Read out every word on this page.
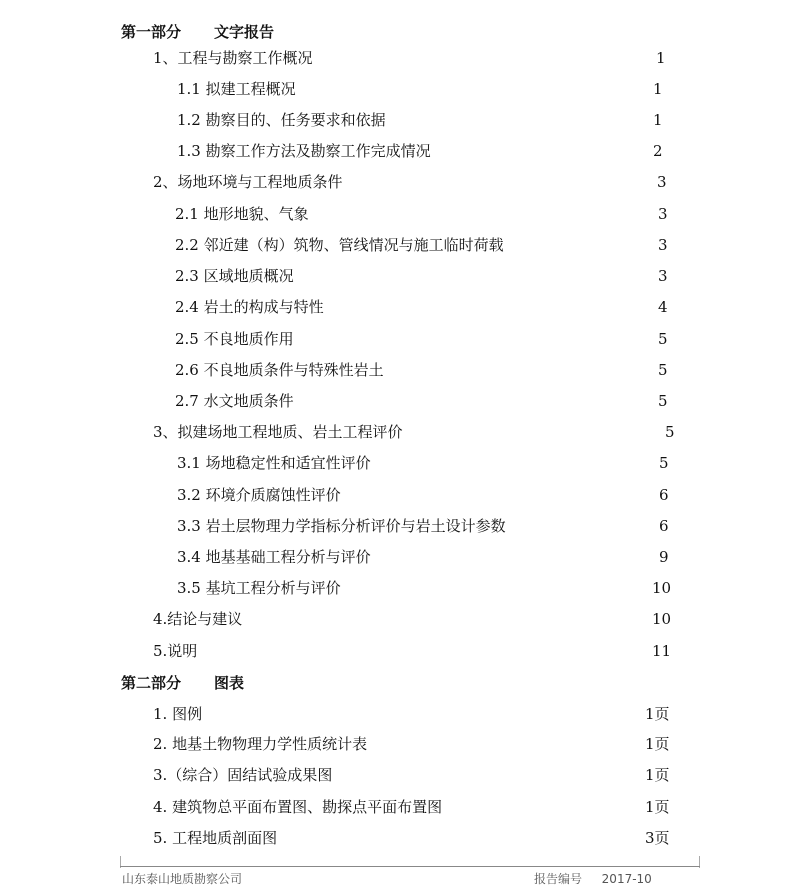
第一部分 文字报告
1、工程与勘察工作概况	1
1.1 拟建工程概况	1
1.2 勘察目的、任务要求和依据	1
1.3 勘察工作方法及勘察工作完成情况	2
2、场地环境与工程地质条件	3
2.1 地形地貌、气象	3
2.2 邻近建（构）筑物、管线情况与施工临时荷载	3
2.3 区域地质概况	3
2.4 岩土的构成与特性	4
2.5 不良地质作用	5
2.6 不良地质条件与特殊性岩土	5
2.7 水文地质条件	5
3、拟建场地工程地质、岩土工程评价	5
3.1 场地稳定性和适宜性评价	5
3.2 环境介质腐蚀性评价	6
3.3 岩土层物理力学指标分析评价与岩土设计参数	6
3.4 地基基础工程分析与评价	9
3.5 基坑工程分析与评价	10
4.结论与建议	10
5.说明	11
第二部分 图表
1. 图例	1页
2. 地基土物物理力学性质统计表	1页
3.（综合）固结试验成果图	1页
4. 建筑物总平面布置图、勘探点平面布置图	1页
5. 工程地质剖面图	3页
山东泰山地质勘察公司	报告编号 2017-10
